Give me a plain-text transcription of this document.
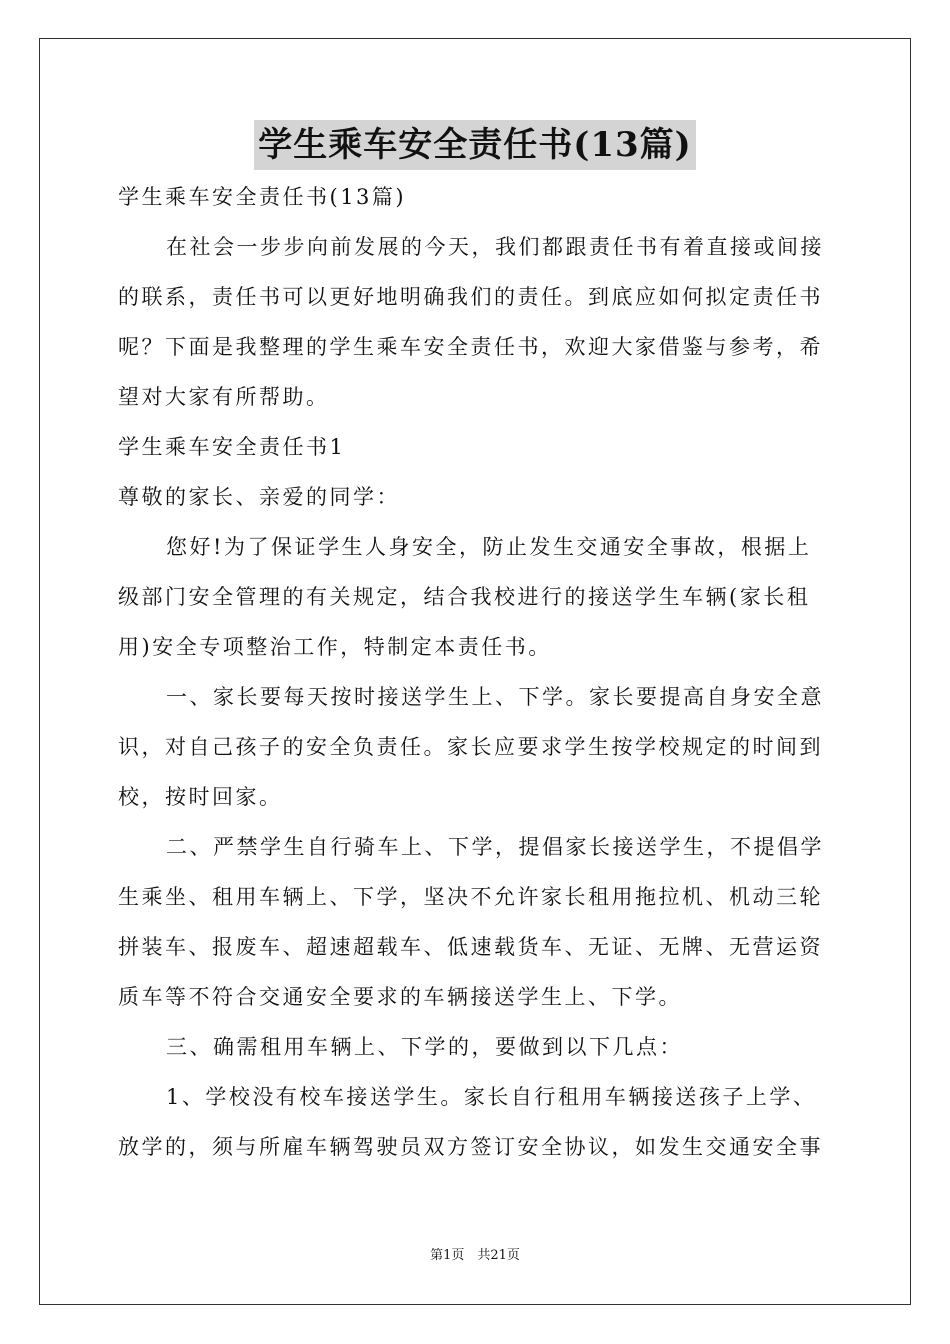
学生乘车安全责任书(13篇)

学生乘车安全责任书(13篇)

在社会一步步向前发展的今天，我们都跟责任书有着直接或间接的联系，责任书可以更好地明确我们的责任。到底应如何拟定责任书呢？下面是我整理的学生乘车安全责任书，欢迎大家借鉴与参考，希望对大家有所帮助。

学生乘车安全责任书1

尊敬的家长、亲爱的同学：

您好!为了保证学生人身安全，防止发生交通安全事故，根据上级部门安全管理的有关规定，结合我校进行的接送学生车辆(家长租用)安全专项整治工作，特制定本责任书。

一、家长要每天按时接送学生上、下学。家长要提高自身安全意识，对自己孩子的安全负责任。家长应要求学生按学校规定的时间到校，按时回家。

二、严禁学生自行骑车上、下学，提倡家长接送学生，不提倡学生乘坐、租用车辆上、下学，坚决不允许家长租用拖拉机、机动三轮拼装车、报废车、超速超载车、低速载货车、无证、无牌、无营运资质车等不符合交通安全要求的车辆接送学生上、下学。

三、确需租用车辆上、下学的，要做到以下几点：

1、学校没有校车接送学生。家长自行租用车辆接送孩子上学、放学的，须与所雇车辆驾驶员双方签订安全协议，如发生交通安全事

第1页　共21页
